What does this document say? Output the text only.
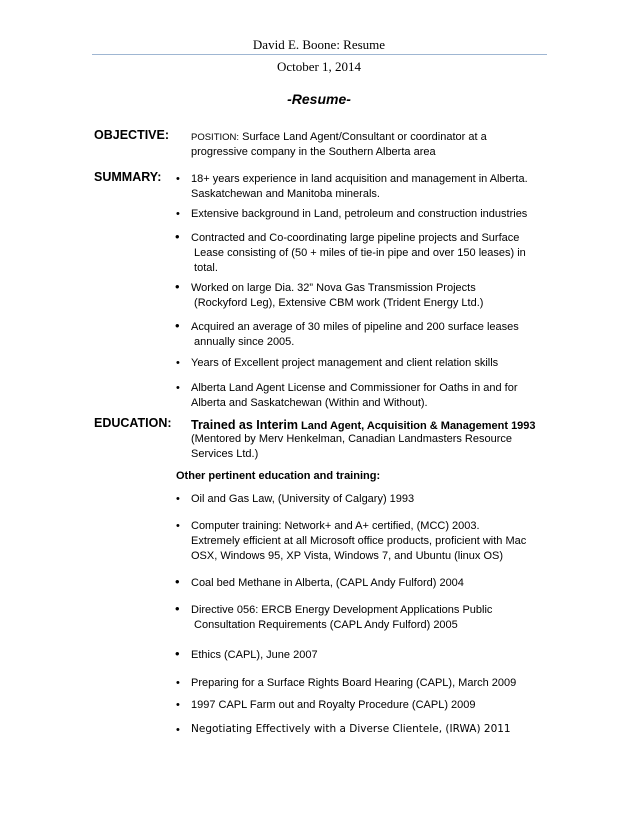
David E. Boone: Resume
October 1, 2014
-Resume-
OBJECTIVE: POSITION: Surface Land Agent/Consultant or coordinator at a
progressive company in the Southern Alberta area
SUMMARY: • 18+ years experience in land acquisition and management in Alberta.
Saskatchewan and Manitoba minerals.
• Extensive background in Land, petroleum and construction industries
• Contracted and Co-coordinating large pipeline projects and Surface
Lease consisting of (50 + miles of tie-in pipe and over 150 leases) in
total.
• Worked on large Dia. 32” Nova Gas Transmission Projects
(Rockyford Leg), Extensive CBM work (Trident Energy Ltd.)
• Acquired an average of 30 miles of pipeline and 200 surface leases
annually since 2005.
• Years of Excellent project management and client relation skills
• Alberta Land Agent License and Commissioner for Oaths in and for
Alberta and Saskatchewan (Within and Without).
EDUCATION: Trained as Interim Land Agent, Acquisition & Management 1993
(Mentored by Merv Henkelman, Canadian Landmasters Resource
Services Ltd.)
Other pertinent education and training:
• Oil and Gas Law, (University of Calgary) 1993
• Computer training: Network+ and A+ certified, (MCC) 2003.
Extremely efficient at all Microsoft office products, proficient with Mac
OSX, Windows 95, XP Vista, Windows 7, and Ubuntu (linux OS)
• Coal bed Methane in Alberta, (CAPL Andy Fulford) 2004
• Directive 056: ERCB Energy Development Applications Public
Consultation Requirements (CAPL Andy Fulford) 2005
• Ethics (CAPL), June 2007
• Preparing for a Surface Rights Board Hearing (CAPL), March 2009
• 1997 CAPL Farm out and Royalty Procedure (CAPL) 2009
• Negotiating Effectively with a Diverse Clientele, (IRWA) 2011
